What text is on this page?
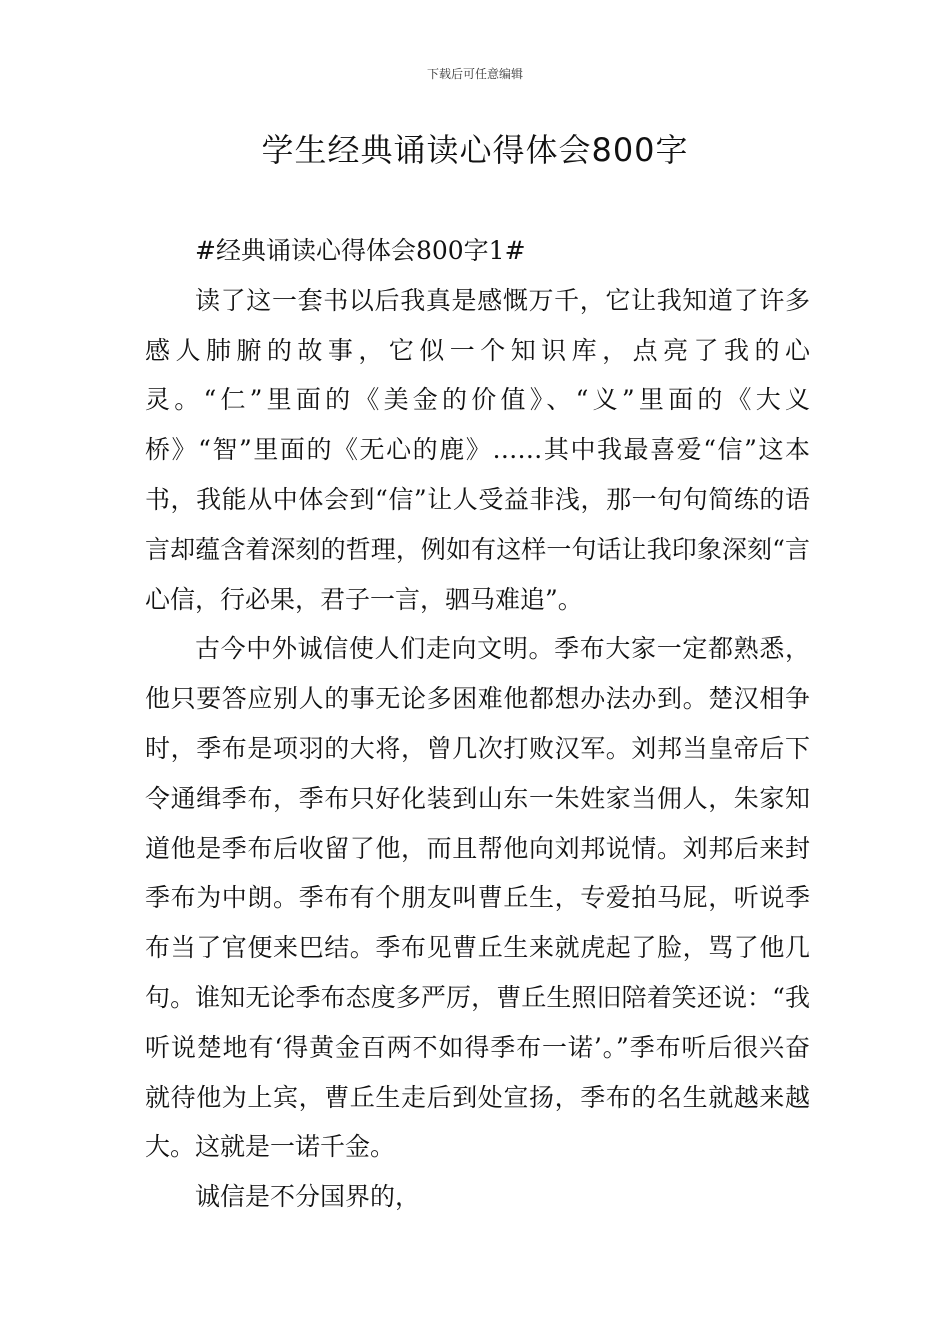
下载后可任意编辑
学生经典诵读心得体会800字

#经典诵读心得体会800字1#

读了这一套书以后我真是感慨万千，它让我知道了许多感人肺腑的故事，它似一个知识库，点亮了我的心灵。“仁”里面的《美金的价值》、“义”里面的《大义桥》“智”里面的《无心的鹿》……其中我最喜爱“信”这本书，我能从中体会到“信”让人受益非浅，那一句句简练的语言却蕴含着深刻的哲理，例如有这样一句话让我印象深刻“言心信，行必果，君子一言，驷马难追”。

古今中外诚信使人们走向文明。季布大家一定都熟悉，他只要答应别人的事无论多困难他都想办法办到。楚汉相争时，季布是项羽的大将，曾几次打败汉军。刘邦当皇帝后下令通缉季布，季布只好化装到山东一朱姓家当佣人，朱家知道他是季布后收留了他，而且帮他向刘邦说情。刘邦后来封季布为中朗。季布有个朋友叫曹丘生，专爱拍马屁，听说季布当了官便来巴结。季布见曹丘生来就虎起了脸，骂了他几句。谁知无论季布态度多严厉，曹丘生照旧陪着笑还说：“我听说楚地有‘得黄金百两不如得季布一诺’。”季布听后很兴奋就待他为上宾，曹丘生走后到处宣扬，季布的名生就越来越大。这就是一诺千金。

诚信是不分国界的，
